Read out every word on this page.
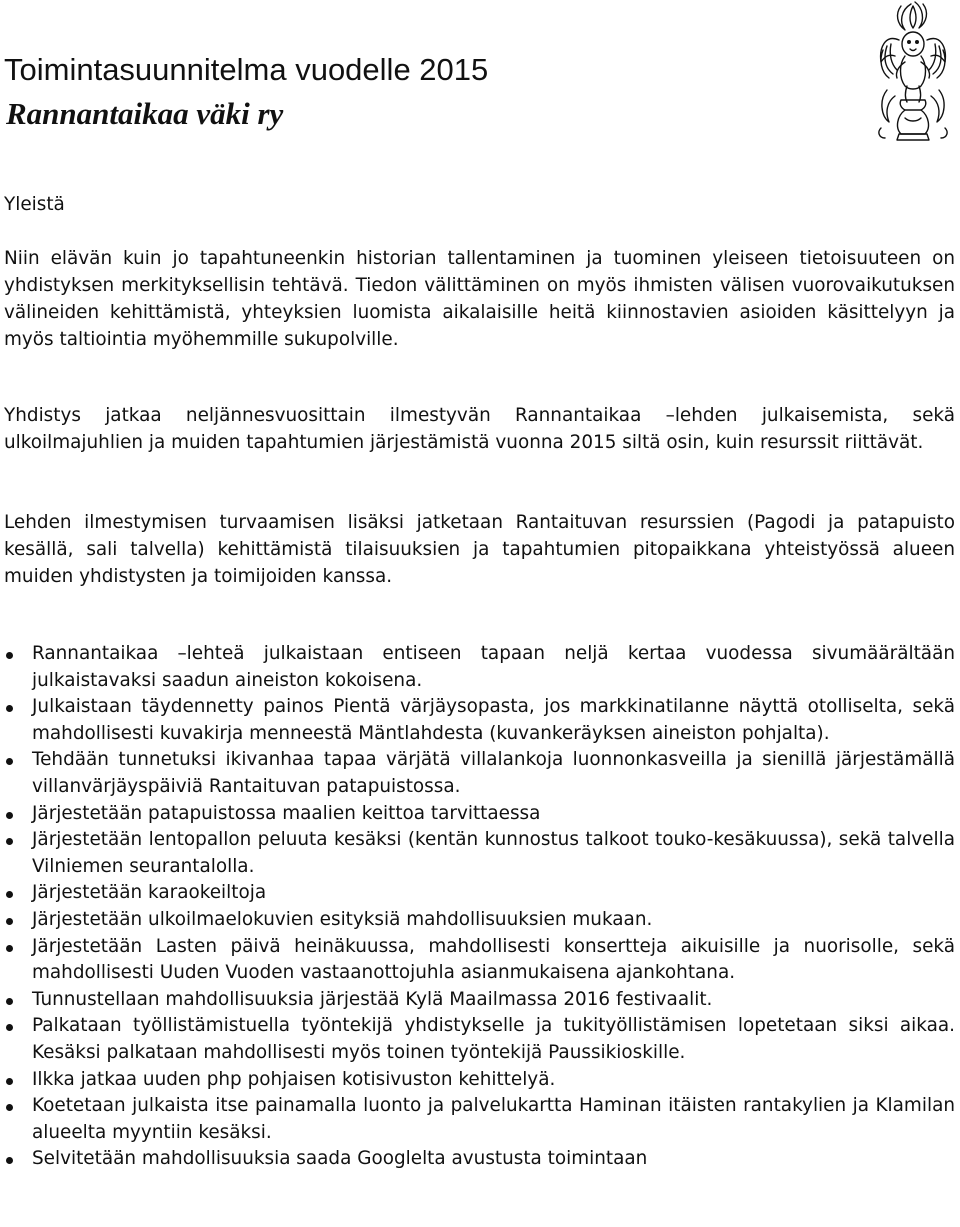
Toimintasuunnitelma vuodelle 2015
Rannantaikaa väki ry

Yleistä

Niin elävän kuin jo tapahtuneenkin historian tallentaminen ja tuominen yleiseen tietoisuuteen on yhdistyksen merkityksellisin tehtävä. Tiedon välittäminen on myös ihmisten välisen vuorovaikutuksen välineiden kehittämistä, yhteyksien luomista aikalaisille heitä kiinnostavien asioiden käsittelyyn ja myös taltiointia myöhemmille sukupolville.

Yhdistys jatkaa neljännesvuosittain ilmestyvän Rannantaikaa –lehden julkaisemista, sekä ulkoilmajuhlien ja muiden tapahtumien järjestämistä vuonna 2015 siltä osin, kuin resurssit riittävät.

Lehden ilmestymisen turvaamisen lisäksi jatketaan Rantaituvan resurssien (Pagodi ja patapuisto kesällä, sali talvella) kehittämistä tilaisuuksien ja tapahtumien pitopaikkana yhteistyössä alueen muiden yhdistysten ja toimijoiden kanssa.

Rannantaikaa –lehteä julkaistaan entiseen tapaan neljä kertaa vuodessa sivumäärältään julkaistavaksi saadun aineiston kokoisena.
Julkaistaan täydennetty painos Pientä värjäysopasta, jos markkinatilanne näyttä otolliselta, sekä mahdollisesti kuvakirja menneestä Mäntlahdesta (kuvankeräyksen aineiston pohjalta).
Tehdään tunnetuksi ikivanhaa tapaa värjätä villalankoja luonnonkasveilla ja sienillä järjestämällä villanvärjäyspäiviä Rantaituvan patapuistossa.
Järjestetään patapuistossa maalien keittoa tarvittaessa
Järjestetään lentopallon peluuta kesäksi (kentän kunnostus talkoot touko-kesäkuussa), sekä talvella Vilniemen seurantalolla.
Järjestetään karaokeiltoja
Järjestetään ulkoilmaelokuvien esityksiä mahdollisuuksien mukaan.
Järjestetään Lasten päivä heinäkuussa, mahdollisesti konsertteja aikuisille ja nuorisolle, sekä mahdollisesti Uuden Vuoden vastaanottojuhla asianmukaisena ajankohtana.
Tunnustellaan mahdollisuuksia järjestää Kylä Maailmassa 2016 festivaalit.
Palkataan työllistämistuella työntekijä yhdistykselle ja tukityöllistämisen lopetetaan siksi aikaa. Kesäksi palkataan mahdollisesti myös toinen työntekijä Paussikioskille.
Ilkka jatkaa uuden php pohjaisen kotisivuston kehittelyä.
Koetetaan julkaista itse painamalla luonto ja palvelukartta Haminan itäisten rantakylien ja Klamilan alueelta myyntiin kesäksi.
Selvitetään mahdollisuuksia saada Googlelta avustusta toimintaan
